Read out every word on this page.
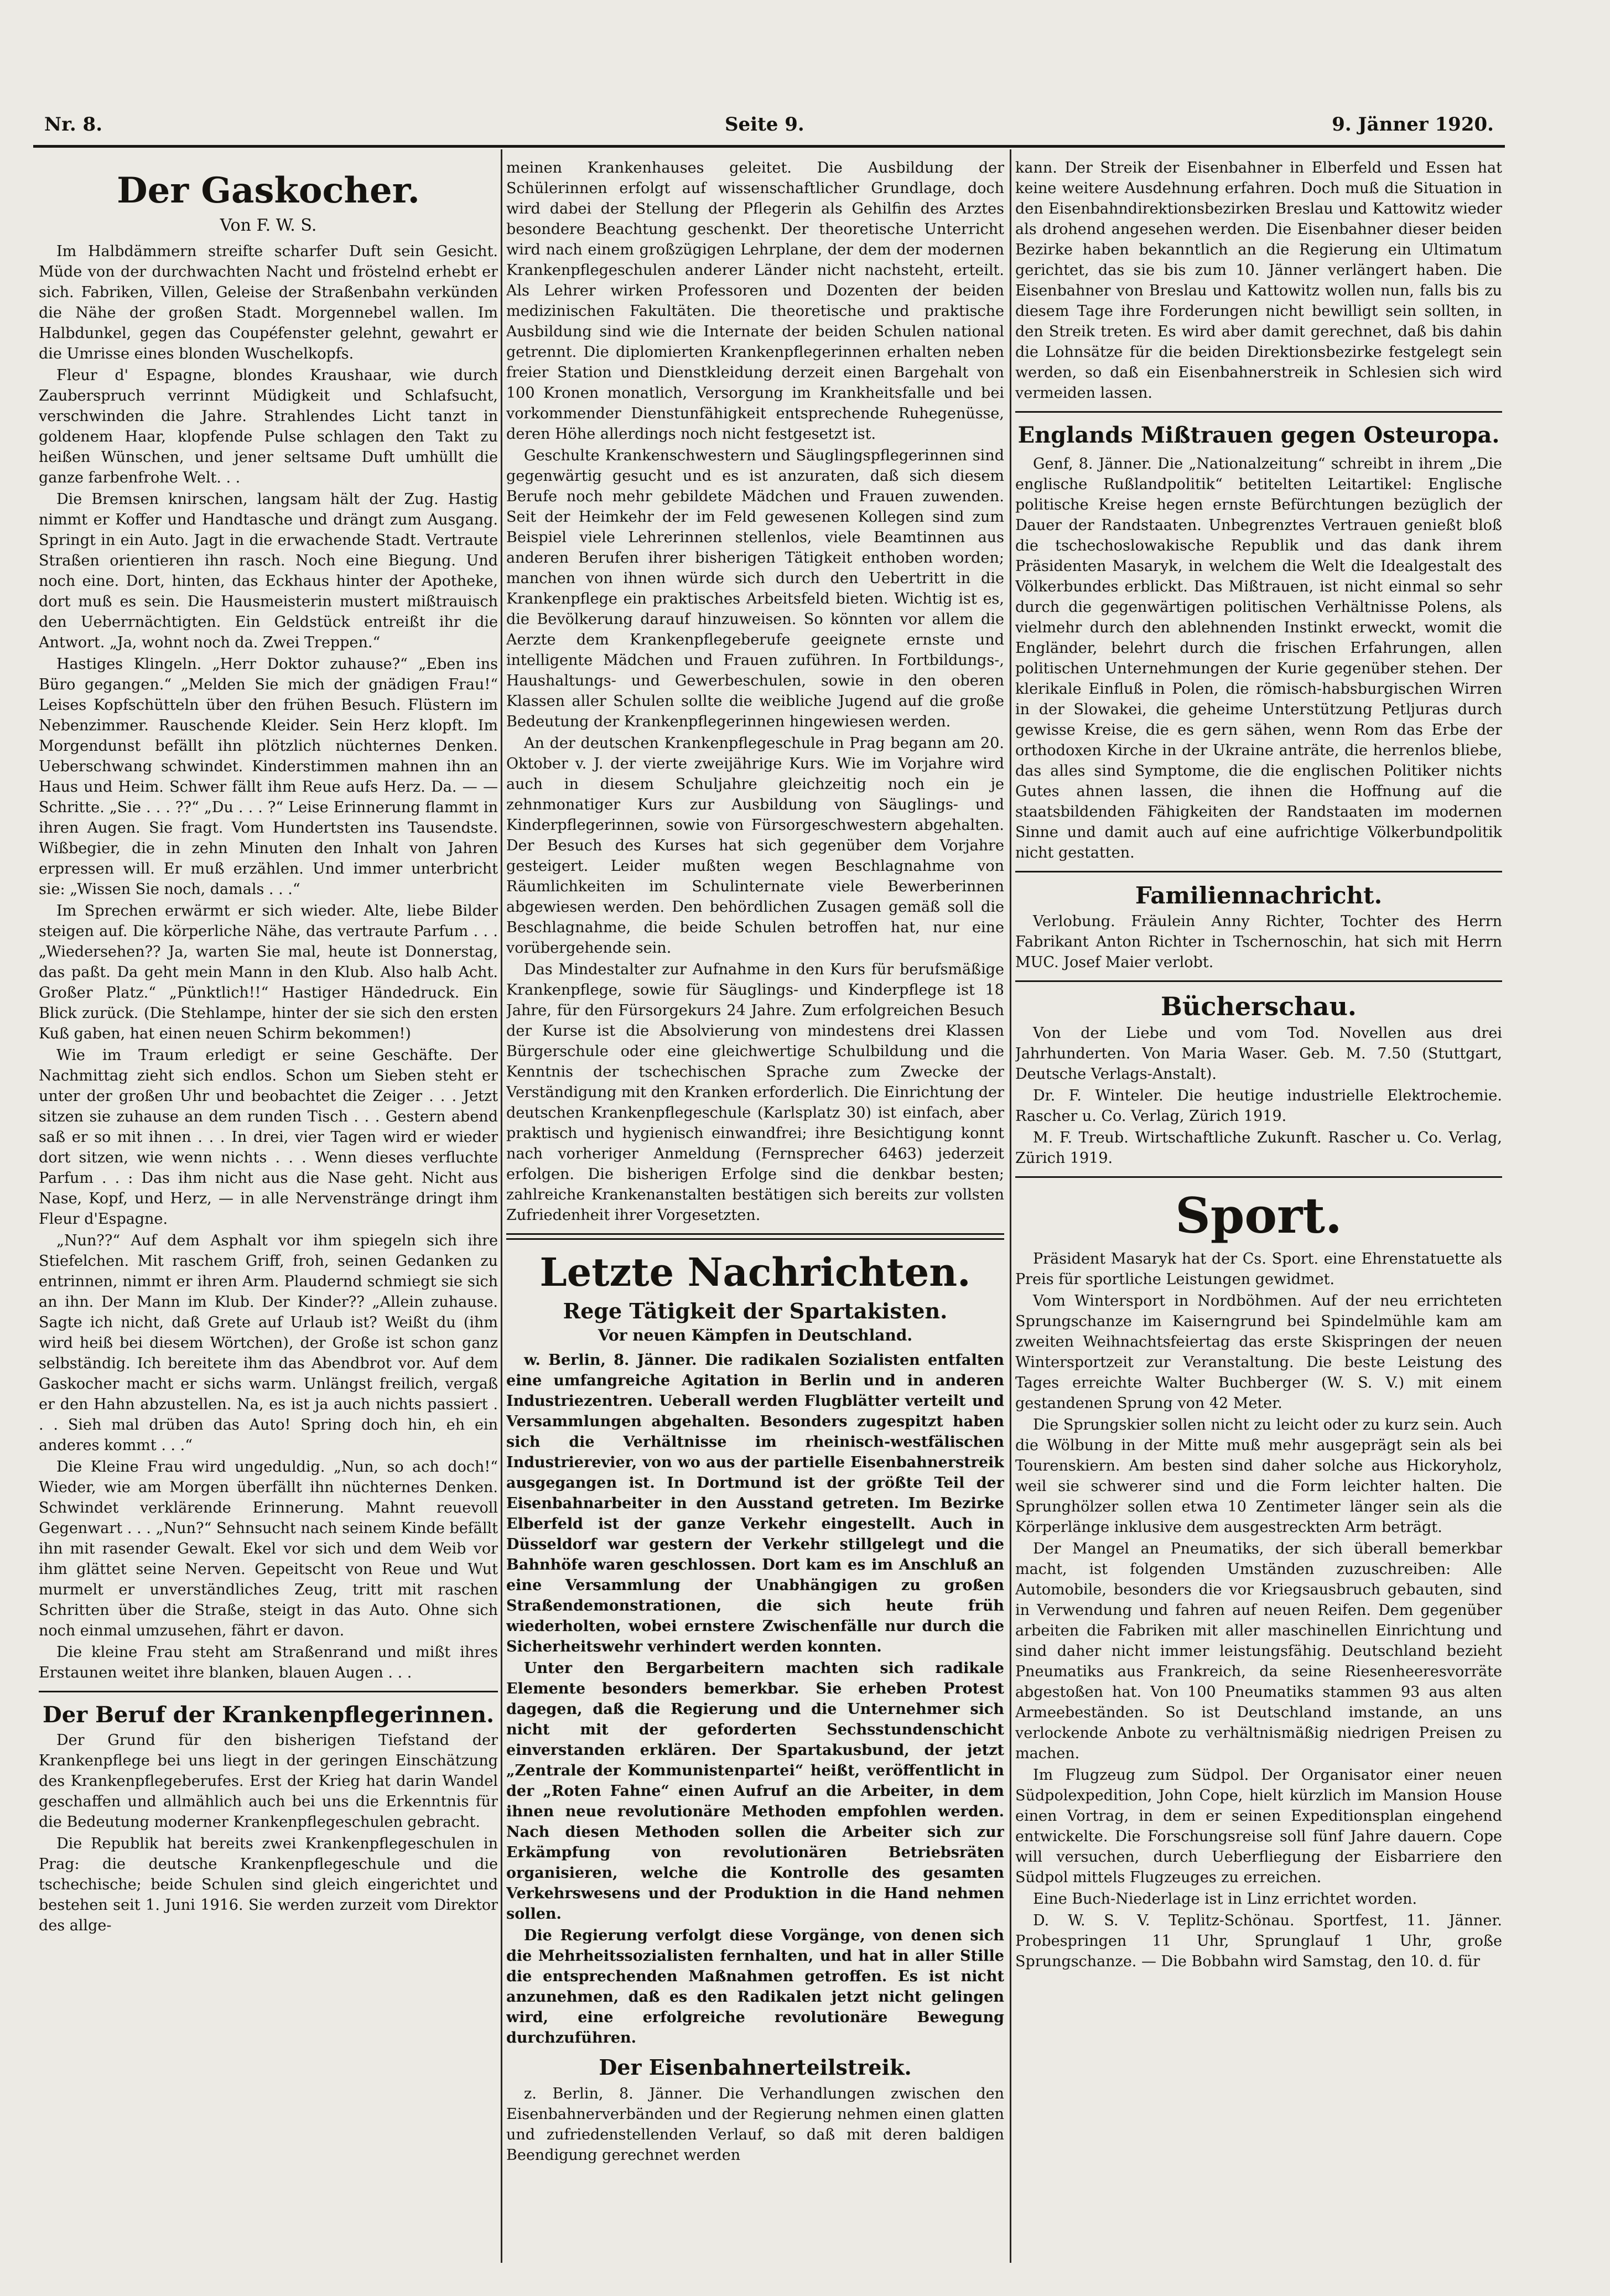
Nr. 8.	Seite 9.	9. Jänner 1920.
Der Gaskocher.
Von F. W. S.

Im Halbdämmern streifte scharfer Duft sein Gesicht. Müde von der durchwachten Nacht und fröstelnd erhebt er sich. Fabriken, Villen, Geleise der Straßenbahn verkünden die Nähe der großen Stadt. Morgennebel wallen. Im Halbdunkel, gegen das Coupéfenster gelehnt, gewahrt er die Umrisse eines blonden Wuschelkopfs.

Fleur d' Espagne, blondes Kraushaar, wie durch Zauberspruch verrinnt Müdigkeit und Schlafsucht, verschwinden die Jahre. Strahlendes Licht tanzt in goldenem Haar, klopfende Pulse schlagen den Takt zu heißen Wünschen, und jener seltsame Duft umhüllt die ganze farbenfrohe Welt. . .

Die Bremsen knirschen, langsam hält der Zug. Hastig nimmt er Koffer und Handtasche und drängt zum Ausgang. Springt in ein Auto. Jagt in die erwachende Stadt. Vertraute Straßen orientieren ihn rasch. Noch eine Biegung. Und noch eine. Dort, hinten, das Eckhaus hinter der Apotheke, dort muß es sein. Die Hausmeisterin mustert mißtrauisch den Ueberrnächtigten. Ein Geldstück entreißt ihr die Antwort. „Ja, wohnt noch da. Zwei Treppen.“

Hastiges Klingeln. „Herr Doktor zuhause?“ „Eben ins Büro gegangen.“ „Melden Sie mich der gnädigen Frau!“ Leises Kopfschütteln über den frühen Besuch. Flüstern im Nebenzimmer. Rauschende Kleider. Sein Herz klopft. Im Morgendunst befällt ihn plötzlich nüchternes Denken. Ueberschwang schwindet. Kinderstimmen mahnen ihn an Haus und Heim. Schwer fällt ihm Reue aufs Herz. Da. — — Schritte. „Sie . . . ??“ „Du . . . ?“ Leise Erinnerung flammt in ihren Augen. Sie fragt. Vom Hundertsten ins Tausendste. Wißbegier, die in zehn Minuten den Inhalt von Jahren erpressen will. Er muß erzählen. Und immer unterbricht sie: „Wissen Sie noch, damals . . .“

Im Sprechen erwärmt er sich wieder. Alte, liebe Bilder steigen auf. Die körperliche Nähe, das vertraute Parfum . . . „Wiedersehen?? Ja, warten Sie mal, heute ist Donnerstag, das paßt. Da geht mein Mann in den Klub. Also halb Acht. Großer Platz.“ „Pünktlich!!“ Hastiger Händedruck. Ein Blick zurück. (Die Stehlampe, hinter der sie sich den ersten Kuß gaben, hat einen neuen Schirm bekommen!)

Wie im Traum erledigt er seine Geschäfte. Der Nachmittag zieht sich endlos. Schon um Sieben steht er unter der großen Uhr und beobachtet die Zeiger . . . Jetzt sitzen sie zuhause an dem runden Tisch . . . Gestern abend saß er so mit ihnen . . . In drei, vier Tagen wird er wieder dort sitzen, wie wenn nichts . . . Wenn dieses verfluchte Parfum . . : Das ihm nicht aus die Nase geht. Nicht aus Nase, Kopf, und Herz, — in alle Nervenstränge dringt ihm Fleur d'Espagne.

„Nun??“ Auf dem Asphalt vor ihm spiegeln sich ihre Stiefelchen. Mit raschem Griff, froh, seinen Gedanken zu entrinnen, nimmt er ihren Arm. Plaudernd schmiegt sie sich an ihn. Der Mann im Klub. Der Kinder?? „Allein zuhause. Sagte ich nicht, daß Grete auf Urlaub ist? Weißt du (ihm wird heiß bei diesem Wörtchen), der Große ist schon ganz selbständig. Ich bereitete ihm das Abendbrot vor. Auf dem Gaskocher macht er sichs warm. Unlängst freilich, vergaß er den Hahn abzustellen. Na, es ist ja auch nichts passiert . . . Sieh mal drüben das Auto! Spring doch hin, eh ein anderes kommt . . .“

Die Kleine Frau wird ungeduldig. „Nun, so ach doch!“ Wieder, wie am Morgen überfällt ihn nüchternes Denken. Schwindet verklärende Erinnerung. Mahnt reuevoll Gegenwart . . . „Nun?“ Sehnsucht nach seinem Kinde befällt ihn mit rasender Gewalt. Ekel vor sich und dem Weib vor ihm glättet seine Nerven. Gepeitscht von Reue und Wut murmelt er unverständliches Zeug, tritt mit raschen Schritten über die Straße, steigt in das Auto. Ohne sich noch einmal umzusehen, fährt er davon.

Die kleine Frau steht am Straßenrand und mißt ihres Erstaunen weitet ihre blanken, blauen Augen . . .

Der Beruf der Krankenpflegerinnen.

Der Grund für den bisherigen Tiefstand der Krankenpflege bei uns liegt in der geringen Einschätzung des Krankenpflegeberufes. Erst der Krieg hat darin Wandel geschaffen und allmählich auch bei uns die Erkenntnis für die Bedeutung moderner Krankenpflegeschulen gebracht.

Die Republik hat bereits zwei Krankenpflegeschulen in Prag: die deutsche Krankenpflegeschule und die tschechische; beide Schulen sind gleich eingerichtet und bestehen seit 1. Juni 1916. Sie werden zurzeit vom Direktor des allge-

meinen Krankenhauses geleitet. Die Ausbildung der Schülerinnen erfolgt auf wissenschaftlicher Grundlage, doch wird dabei der Stellung der Pflegerin als Gehilfin des Arztes besondere Beachtung geschenkt. Der theoretische Unterricht wird nach einem großzügigen Lehrplane, der dem der modernen Krankenpflegeschulen anderer Länder nicht nachsteht, erteilt. Als Lehrer wirken Professoren und Dozenten der beiden medizinischen Fakultäten. Die theoretische und praktische Ausbildung sind wie die Internate der beiden Schulen national getrennt. Die diplomierten Krankenpflegerinnen erhalten neben freier Station und Dienstkleidung derzeit einen Bargehalt von 100 Kronen monatlich, Versorgung im Krankheitsfalle und bei vorkommender Dienstunfähigkeit entsprechende Ruhegenüsse, deren Höhe allerdings noch nicht festgesetzt ist.

Geschulte Krankenschwestern und Säuglingspflegerinnen sind gegenwärtig gesucht und es ist anzuraten, daß sich diesem Berufe noch mehr gebildete Mädchen und Frauen zuwenden. Seit der Heimkehr der im Feld gewesenen Kollegen sind zum Beispiel viele Lehrerinnen stellenlos, viele Beamtinnen aus anderen Berufen ihrer bisherigen Tätigkeit enthoben worden; manchen von ihnen würde sich durch den Uebertritt in die Krankenpflege ein praktisches Arbeitsfeld bieten. Wichtig ist es, die Bevölkerung darauf hinzuweisen. So könnten vor allem die Aerzte dem Krankenpflegeberufe geeignete ernste und intelligente Mädchen und Frauen zuführen. In Fortbildungs-, Haushaltungs- und Gewerbeschulen, sowie in den oberen Klassen aller Schulen sollte die weibliche Jugend auf die große Bedeutung der Krankenpflegerinnen hingewiesen werden.

An der deutschen Krankenpflegeschule in Prag begann am 20. Oktober v. J. der vierte zweijährige Kurs. Wie im Vorjahre wird auch in diesem Schuljahre gleichzeitig noch ein je zehnmonatiger Kurs zur Ausbildung von Säuglings- und Kinderpflegerinnen, sowie von Fürsorgeschwestern abgehalten. Der Besuch des Kurses hat sich gegenüber dem Vorjahre gesteigert. Leider mußten wegen Beschlagnahme von Räumlichkeiten im Schulinternate viele Bewerberinnen abgewiesen werden. Den behördlichen Zusagen gemäß soll die Beschlagnahme, die beide Schulen betroffen hat, nur eine vorübergehende sein.

Das Mindestalter zur Aufnahme in den Kurs für berufsmäßige Krankenpflege, sowie für Säuglings- und Kinderpflege ist 18 Jahre, für den Fürsorgekurs 24 Jahre. Zum erfolgreichen Besuch der Kurse ist die Absolvierung von mindestens drei Klassen Bürgerschule oder eine gleichwertige Schulbildung und die Kenntnis der tschechischen Sprache zum Zwecke der Verständigung mit den Kranken erforderlich. Die Einrichtung der deutschen Krankenpflegeschule (Karlsplatz 30) ist einfach, aber praktisch und hygienisch einwandfrei; ihre Besichtigung konnt nach vorheriger Anmeldung (Fernsprecher 6463) jederzeit erfolgen. Die bisherigen Erfolge sind die denkbar besten; zahlreiche Krankenanstalten bestätigen sich bereits zur vollsten Zufriedenheit ihrer Vorgesetzten.

Letzte Nachrichten.
Rege Tätigkeit der Spartakisten.
Vor neuen Kämpfen in Deutschland.

w. Berlin, 8. Jänner. Die radikalen Sozialisten entfalten eine umfangreiche Agitation in Berlin und in anderen Industriezentren. Ueberall werden Flugblätter verteilt und Versammlungen abgehalten. Besonders zugespitzt haben sich die Verhältnisse im rheinisch-westfälischen Industrierevier, von wo aus der partielle Eisenbahnerstreik ausgegangen ist. In Dortmund ist der größte Teil der Eisenbahnarbeiter in den Ausstand getreten. Im Bezirke Elberfeld ist der ganze Verkehr eingestellt. Auch in Düsseldorf war gestern der Verkehr stillgelegt und die Bahnhöfe waren geschlossen. Dort kam es im Anschluß an eine Versammlung der Unabhängigen zu großen Straßendemonstrationen, die sich heute früh wiederholten, wobei ernstere Zwischenfälle nur durch die Sicherheitswehr verhindert werden konnten.

Unter den Bergarbeitern machten sich radikale Elemente besonders bemerkbar. Sie erheben Protest dagegen, daß die Regierung und die Unternehmer sich nicht mit der geforderten Sechsstundenschicht einverstanden erklären. Der Spartakusbund, der jetzt „Zentrale der Kommunistenpartei“ heißt, veröffentlicht in der „Roten Fahne“ einen Aufruf an die Arbeiter, in dem ihnen neue revolutionäre Methoden empfohlen werden. Nach diesen Methoden sollen die Arbeiter sich zur Erkämpfung von revolutionären Betriebsräten organisieren, welche die Kontrolle des gesamten Verkehrswesens und der Produktion in die Hand nehmen sollen.

Die Regierung verfolgt diese Vorgänge, von denen sich die Mehrheitssozialisten fernhalten, und hat in aller Stille die entsprechenden Maßnahmen getroffen. Es ist nicht anzunehmen, daß es den Radikalen jetzt nicht gelingen wird, eine erfolgreiche revolutionäre Bewegung durchzuführen.

Der Eisenbahnerteilstreik.

z. Berlin, 8. Jänner. Die Verhandlungen zwischen den Eisenbahnerverbänden und der Regierung nehmen einen glatten und zufriedenstellenden Verlauf, so daß mit deren baldigen Beendigung gerechnet werden

kann. Der Streik der Eisenbahner in Elberfeld und Essen hat keine weitere Ausdehnung erfahren. Doch muß die Situation in den Eisenbahndirektionsbezirken Breslau und Kattowitz wieder als drohend angesehen werden. Die Eisenbahner dieser beiden Bezirke haben bekanntlich an die Regierung ein Ultimatum gerichtet, das sie bis zum 10. Jänner verlängert haben. Die Eisenbahner von Breslau und Kattowitz wollen nun, falls bis zu diesem Tage ihre Forderungen nicht bewilligt sein sollten, in den Streik treten. Es wird aber damit gerechnet, daß bis dahin die Lohnsätze für die beiden Direktionsbezirke festgelegt sein werden, so daß ein Eisenbahnerstreik in Schlesien sich wird vermeiden lassen.

Englands Mißtrauen gegen Osteuropa.

Genf, 8. Jänner. Die „Nationalzeitung“ schreibt in ihrem „Die englische Rußlandpolitik“ betitelten Leitartikel: Englische politische Kreise hegen ernste Befürchtungen bezüglich der Dauer der Randstaaten. Unbegrenztes Vertrauen genießt bloß die tschechoslowakische Republik und das dank ihrem Präsidenten Masaryk, in welchem die Welt die Idealgestalt des Völkerbundes erblickt. Das Mißtrauen, ist nicht einmal so sehr durch die gegenwärtigen politischen Verhältnisse Polens, als vielmehr durch den ablehnenden Instinkt erweckt, womit die Engländer, belehrt durch die frischen Erfahrungen, allen politischen Unternehmungen der Kurie gegenüber stehen. Der klerikale Einfluß in Polen, die römisch-habsburgischen Wirren in der Slowakei, die geheime Unterstützung Petljuras durch gewisse Kreise, die es gern sähen, wenn Rom das Erbe der orthodoxen Kirche in der Ukraine anträte, die herrenlos bliebe, das alles sind Symptome, die die englischen Politiker nichts Gutes ahnen lassen, die ihnen die Hoffnung auf die staatsbildenden Fähigkeiten der Randstaaten im modernen Sinne und damit auch auf eine aufrichtige Völkerbundpolitik nicht gestatten.

Familiennachricht.

Verlobung. Fräulein Anny Richter, Tochter des Herrn Fabrikant Anton Richter in Tschernoschin, hat sich mit Herrn MUC. Josef Maier verlobt.

Bücherschau.

Von der Liebe und vom Tod. Novellen aus drei Jahrhunderten. Von Maria Waser. Geb. M. 7.50 (Stuttgart, Deutsche Verlags-Anstalt).

Dr. F. Winteler. Die heutige industrielle Elektrochemie. Rascher u. Co. Verlag, Zürich 1919.

M. F. Treub. Wirtschaftliche Zukunft. Rascher u. Co. Verlag, Zürich 1919.

Sport.

Präsident Masaryk hat der Cs. Sport. eine Ehrenstatuette als Preis für sportliche Leistungen gewidmet.

Vom Wintersport in Nordböhmen. Auf der neu errichteten Sprungschanze im Kaiserngrund bei Spindelmühle kam am zweiten Weihnachtsfeiertag das erste Skispringen der neuen Wintersportzeit zur Veranstaltung. Die beste Leistung des Tages erreichte Walter Buchberger (W. S. V.) mit einem gestandenen Sprung von 42 Meter.

Die Sprungskier sollen nicht zu leicht oder zu kurz sein. Auch die Wölbung in der Mitte muß mehr ausgeprägt sein als bei Tourenskiern. Am besten sind daher solche aus Hickoryholz, weil sie schwerer sind und die Form leichter halten. Die Sprunghölzer sollen etwa 10 Zentimeter länger sein als die Körperlänge inklusive dem ausgestreckten Arm beträgt.

Der Mangel an Pneumatiks, der sich überall bemerkbar macht, ist folgenden Umständen zuzuschreiben: Alle Automobile, besonders die vor Kriegsausbruch gebauten, sind in Verwendung und fahren auf neuen Reifen. Dem gegenüber arbeiten die Fabriken mit aller maschinellen Einrichtung und sind daher nicht immer leistungsfähig. Deutschland bezieht Pneumatiks aus Frankreich, da seine Riesenheeresvorräte abgestoßen hat. Von 100 Pneumatiks stammen 93 aus alten Armeebeständen. So ist Deutschland imstande, an uns verlockende Anbote zu verhältnismäßig niedrigen Preisen zu machen.

Im Flugzeug zum Südpol. Der Organisator einer neuen Südpolexpedition, John Cope, hielt kürzlich im Mansion House einen Vortrag, in dem er seinen Expeditionsplan eingehend entwickelte. Die Forschungsreise soll fünf Jahre dauern. Cope will versuchen, durch Ueberfliegung der Eisbarriere den Südpol mittels Flugzeuges zu erreichen.

Eine Buch-Niederlage ist in Linz errichtet worden.

D. W. S. V. Teplitz-Schönau. Sportfest, 11. Jänner. Probespringen 11 Uhr, Sprunglauf 1 Uhr, große Sprungschanze. — Die Bobbahn wird Samstag, den 10. d. für
